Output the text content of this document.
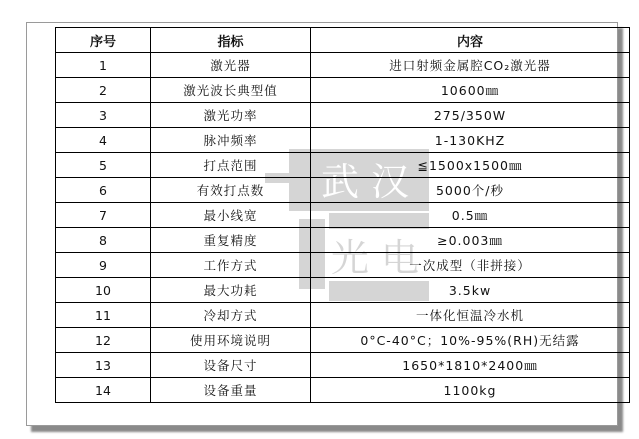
武 汉
光 电
序号	指标	内容
1	激光器	进口射频金属腔CO₂激光器
2	激光波长典型值	10600㎜
3	激光功率	275/350W
4	脉冲频率	1-130KHZ
5	打点范围	≦1500x1500㎜
6	有效打点数	5000个/秒
7	最小线宽	0.5㎜
8	重复精度	≥0.003㎜
9	工作方式	一次成型（非拼接）
10	最大功耗	3.5kw
11	冷却方式	一体化恒温冷水机
12	使用环境说明	0°C-40°C；10%-95%(RH)无结露
13	设备尺寸	1650*1810*2400㎜
14	设备重量	1100kg
